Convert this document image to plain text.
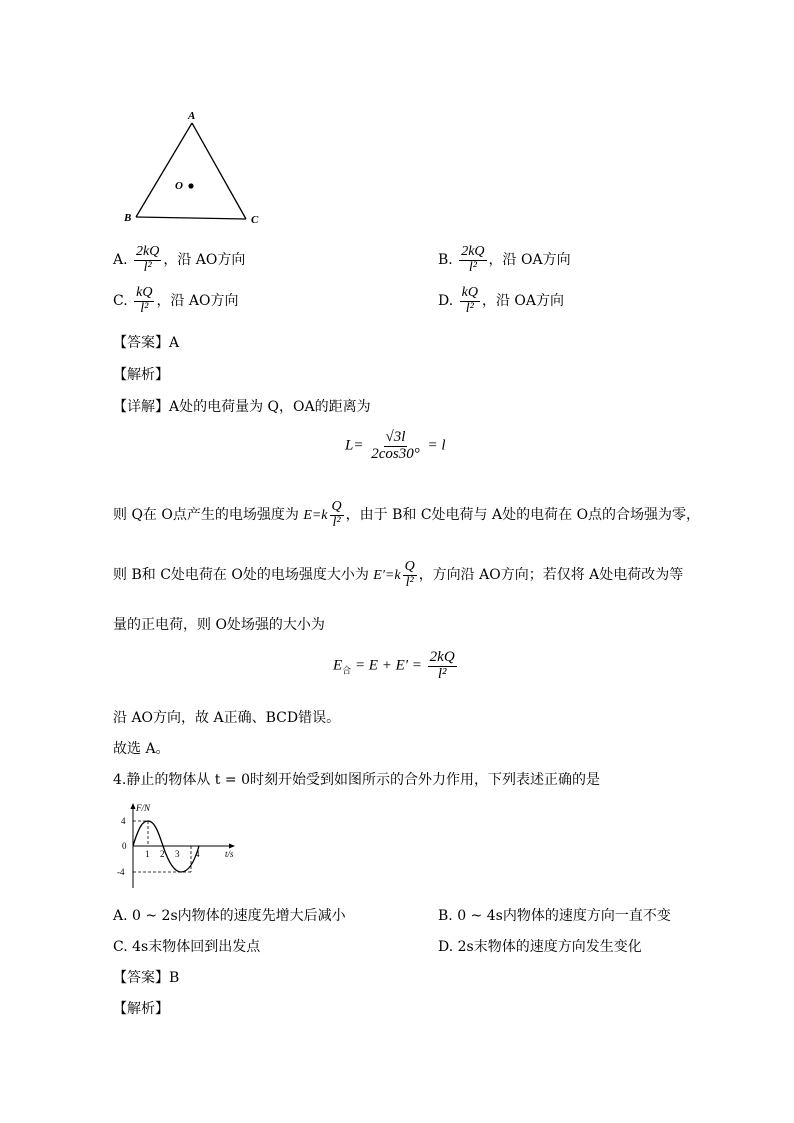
A
B	C
O
A. $\frac{2kQ}{\text{l²}}$ ，沿 AO方向	B. $\frac{2kQ}{\text{l²}}$ ，沿 OA方向
C. $\frac{kQ}{\text{l²}}$ ，沿 AO方向	D. $\frac{kQ}{\text{l²}}$ ，沿 OA方向
【答案】A
【解析】
【详解】A处的电荷量为 Q，OA的距离为
$L= \frac{√3l}{2\cos 30^\circ} = l$
则 Q在 O点产生的电场强度为 $E=k \frac{Q}{\text{l²}}$ ，由于 B和 C处电荷与 A处的电荷在 O点的合场强为零，
则 B和 C处电荷在 O处的电场强度大小为 $E'=k \frac{Q}{\text{l²}}$ ，方向沿 AO方向；若仅将 A处电荷改为等
量的正电荷，则 O处场强的大小为
$E_合 = E + E' = \frac{2kQ}{\text{l²}}$
沿 AO方向，故 A正确、BCD错误。
故选 A。
4.静止的物体从 t = 0时刻开始受到如图所示的合外力作用，下列表述正确的是
F/N
t/s
4
0
-4
1 2 3 4
A. 0 ~ 2s内物体的速度先增大后减小	B. 0 ~ 4s内物体的速度方向一直不变
C. 4s末物体回到出发点	D. 2s末物体的速度方向发生变化
【答案】B
【解析】
